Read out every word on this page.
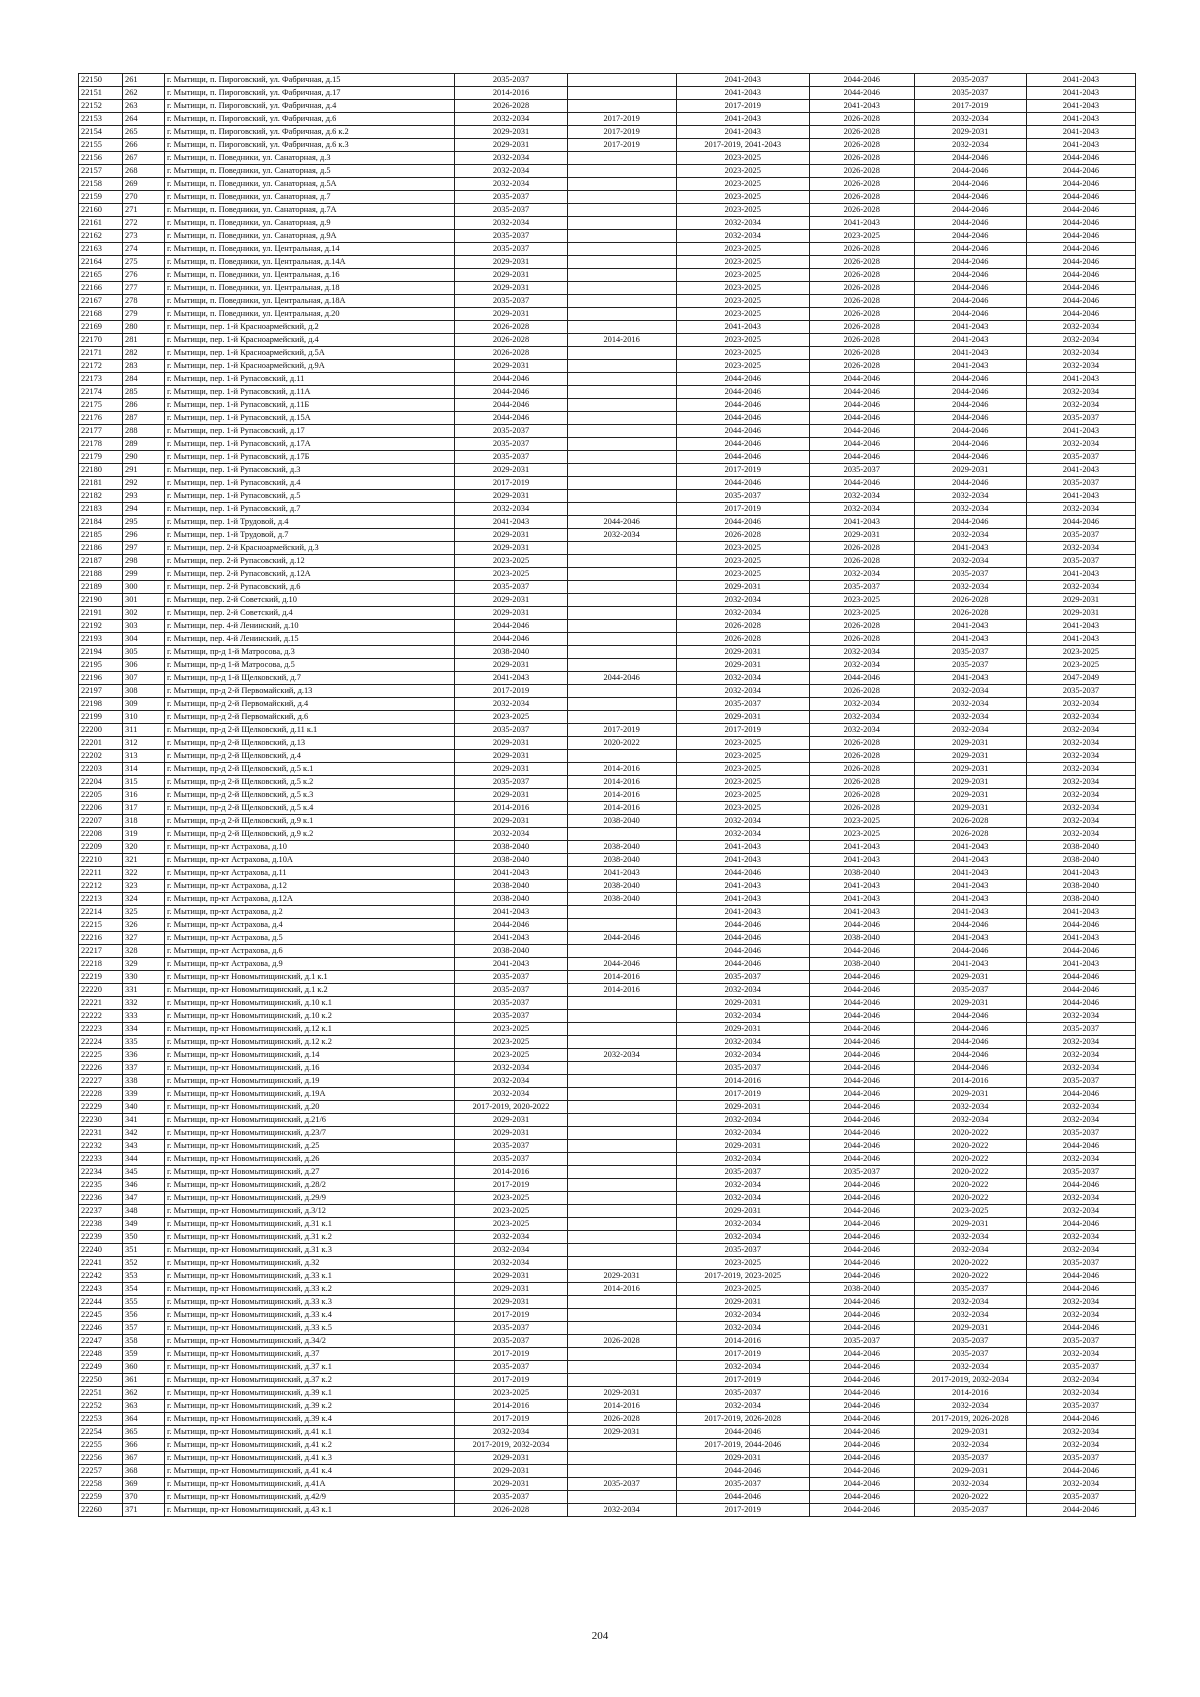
22150	261	г. Мытищи, п. Пироговский, ул. Фабричная, д.15	2035-2037		2041-2043	2044-2046	2035-2037	2041-2043
22151	262	г. Мытищи, п. Пироговский, ул. Фабричная, д.17	2014-2016		2041-2043	2044-2046	2035-2037	2041-2043
22152	263	г. Мытищи, п. Пироговский, ул. Фабричная, д.4	2026-2028		2017-2019	2041-2043	2017-2019	2041-2043
22153	264	г. Мытищи, п. Пироговский, ул. Фабричная, д.6	2032-2034	2017-2019	2041-2043	2026-2028	2032-2034	2041-2043
22154	265	г. Мытищи, п. Пироговский, ул. Фабричная, д.6 к.2	2029-2031	2017-2019	2041-2043	2026-2028	2029-2031	2041-2043
22155	266	г. Мытищи, п. Пироговский, ул. Фабричная, д.6 к.3	2029-2031	2017-2019	2017-2019, 2041-2043	2026-2028	2032-2034	2041-2043
22156	267	г. Мытищи, п. Поведники, ул. Санаторная, д.3	2032-2034		2023-2025	2026-2028	2044-2046	2044-2046
22157	268	г. Мытищи, п. Поведники, ул. Санаторная, д.5	2032-2034		2023-2025	2026-2028	2044-2046	2044-2046
22158	269	г. Мытищи, п. Поведники, ул. Санаторная, д.5А	2032-2034		2023-2025	2026-2028	2044-2046	2044-2046
22159	270	г. Мытищи, п. Поведники, ул. Санаторная, д.7	2035-2037		2023-2025	2026-2028	2044-2046	2044-2046
22160	271	г. Мытищи, п. Поведники, ул. Санаторная, д.7А	2035-2037		2023-2025	2026-2028	2044-2046	2044-2046
22161	272	г. Мытищи, п. Поведники, ул. Санаторная, д.9	2032-2034		2032-2034	2041-2043	2044-2046	2044-2046
22162	273	г. Мытищи, п. Поведники, ул. Санаторная, д.9А	2035-2037		2032-2034	2023-2025	2044-2046	2044-2046
22163	274	г. Мытищи, п. Поведники, ул. Центральная, д.14	2035-2037		2023-2025	2026-2028	2044-2046	2044-2046
22164	275	г. Мытищи, п. Поведники, ул. Центральная, д.14А	2029-2031		2023-2025	2026-2028	2044-2046	2044-2046
22165	276	г. Мытищи, п. Поведники, ул. Центральная, д.16	2029-2031		2023-2025	2026-2028	2044-2046	2044-2046
22166	277	г. Мытищи, п. Поведники, ул. Центральная, д.18	2029-2031		2023-2025	2026-2028	2044-2046	2044-2046
22167	278	г. Мытищи, п. Поведники, ул. Центральная, д.18А	2035-2037		2023-2025	2026-2028	2044-2046	2044-2046
22168	279	г. Мытищи, п. Поведники, ул. Центральная, д.20	2029-2031		2023-2025	2026-2028	2044-2046	2044-2046
22169	280	г. Мытищи, пер. 1-й Красноармейский, д.2	2026-2028		2041-2043	2026-2028	2041-2043	2032-2034
22170	281	г. Мытищи, пер. 1-й Красноармейский, д.4	2026-2028	2014-2016	2023-2025	2026-2028	2041-2043	2032-2034
22171	282	г. Мытищи, пер. 1-й Красноармейский, д.5А	2026-2028		2023-2025	2026-2028	2041-2043	2032-2034
22172	283	г. Мытищи, пер. 1-й Красноармейский, д.9А	2029-2031		2023-2025	2026-2028	2041-2043	2032-2034
22173	284	г. Мытищи, пер. 1-й Рупасовский, д.11	2044-2046		2044-2046	2044-2046	2044-2046	2041-2043
22174	285	г. Мытищи, пер. 1-й Рупасовский, д.11А	2044-2046		2044-2046	2044-2046	2044-2046	2032-2034
22175	286	г. Мытищи, пер. 1-й Рупасовский, д.11Б	2044-2046		2044-2046	2044-2046	2044-2046	2032-2034
22176	287	г. Мытищи, пер. 1-й Рупасовский, д.15А	2044-2046		2044-2046	2044-2046	2044-2046	2035-2037
22177	288	г. Мытищи, пер. 1-й Рупасовский, д.17	2035-2037		2044-2046	2044-2046	2044-2046	2041-2043
22178	289	г. Мытищи, пер. 1-й Рупасовский, д.17А	2035-2037		2044-2046	2044-2046	2044-2046	2032-2034
22179	290	г. Мытищи, пер. 1-й Рупасовский, д.17Б	2035-2037		2044-2046	2044-2046	2044-2046	2035-2037
22180	291	г. Мытищи, пер. 1-й Рупасовский, д.3	2029-2031		2017-2019	2035-2037	2029-2031	2041-2043
22181	292	г. Мытищи, пер. 1-й Рупасовский, д.4	2017-2019		2044-2046	2044-2046	2044-2046	2035-2037
22182	293	г. Мытищи, пер. 1-й Рупасовский, д.5	2029-2031		2035-2037	2032-2034	2032-2034	2041-2043
22183	294	г. Мытищи, пер. 1-й Рупасовский, д.7	2032-2034		2017-2019	2032-2034	2032-2034	2032-2034
22184	295	г. Мытищи, пер. 1-й Трудовой, д.4	2041-2043	2044-2046	2044-2046	2041-2043	2044-2046	2044-2046
22185	296	г. Мытищи, пер. 1-й Трудовой, д.7	2029-2031	2032-2034	2026-2028	2029-2031	2032-2034	2035-2037
22186	297	г. Мытищи, пер. 2-й Красноармейский, д.3	2029-2031		2023-2025	2026-2028	2041-2043	2032-2034
22187	298	г. Мытищи, пер. 2-й Рупасовский, д.12	2023-2025		2023-2025	2026-2028	2032-2034	2035-2037
22188	299	г. Мытищи, пер. 2-й Рупасовский, д.12А	2023-2025		2023-2025	2032-2034	2035-2037	2041-2043
22189	300	г. Мытищи, пер. 2-й Рупасовский, д.6	2035-2037		2029-2031	2035-2037	2032-2034	2032-2034
22190	301	г. Мытищи, пер. 2-й Советский, д.10	2029-2031		2032-2034	2023-2025	2026-2028	2029-2031
22191	302	г. Мытищи, пер. 2-й Советский, д.4	2029-2031		2032-2034	2023-2025	2026-2028	2029-2031
22192	303	г. Мытищи, пер. 4-й Ленинский, д.10	2044-2046		2026-2028	2026-2028	2041-2043	2041-2043
22193	304	г. Мытищи, пер. 4-й Ленинский, д.15	2044-2046		2026-2028	2026-2028	2041-2043	2041-2043
22194	305	г. Мытищи, пр-д 1-й Матросова, д.3	2038-2040		2029-2031	2032-2034	2035-2037	2023-2025
22195	306	г. Мытищи, пр-д 1-й Матросова, д.5	2029-2031		2029-2031	2032-2034	2035-2037	2023-2025
22196	307	г. Мытищи, пр-д 1-й Щелковский, д.7	2041-2043	2044-2046	2032-2034	2044-2046	2041-2043	2047-2049
22197	308	г. Мытищи, пр-д 2-й Первомайский, д.13	2017-2019		2032-2034	2026-2028	2032-2034	2035-2037
22198	309	г. Мытищи, пр-д 2-й Первомайский, д.4	2032-2034		2035-2037	2032-2034	2032-2034	2032-2034
22199	310	г. Мытищи, пр-д 2-й Первомайский, д.6	2023-2025		2029-2031	2032-2034	2032-2034	2032-2034
22200	311	г. Мытищи, пр-д 2-й Щелковский, д.11 к.1	2035-2037	2017-2019	2017-2019	2032-2034	2032-2034	2032-2034
22201	312	г. Мытищи, пр-д 2-й Щелковский, д.13	2029-2031	2020-2022	2023-2025	2026-2028	2029-2031	2032-2034
22202	313	г. Мытищи, пр-д 2-й Щелковский, д.4	2029-2031		2023-2025	2026-2028	2029-2031	2032-2034
22203	314	г. Мытищи, пр-д 2-й Щелковский, д.5 к.1	2029-2031	2014-2016	2023-2025	2026-2028	2029-2031	2032-2034
22204	315	г. Мытищи, пр-д 2-й Щелковский, д.5 к.2	2035-2037	2014-2016	2023-2025	2026-2028	2029-2031	2032-2034
22205	316	г. Мытищи, пр-д 2-й Щелковский, д.5 к.3	2029-2031	2014-2016	2023-2025	2026-2028	2029-2031	2032-2034
22206	317	г. Мытищи, пр-д 2-й Щелковский, д.5 к.4	2014-2016	2014-2016	2023-2025	2026-2028	2029-2031	2032-2034
22207	318	г. Мытищи, пр-д 2-й Щелковский, д.9 к.1	2029-2031	2038-2040	2032-2034	2023-2025	2026-2028	2032-2034
22208	319	г. Мытищи, пр-д 2-й Щелковский, д.9 к.2	2032-2034		2032-2034	2023-2025	2026-2028	2032-2034
22209	320	г. Мытищи, пр-кт Астрахова, д.10	2038-2040	2038-2040	2041-2043	2041-2043	2041-2043	2038-2040
22210	321	г. Мытищи, пр-кт Астрахова, д.10А	2038-2040	2038-2040	2041-2043	2041-2043	2041-2043	2038-2040
22211	322	г. Мытищи, пр-кт Астрахова, д.11	2041-2043	2041-2043	2044-2046	2038-2040	2041-2043	2041-2043
22212	323	г. Мытищи, пр-кт Астрахова, д.12	2038-2040	2038-2040	2041-2043	2041-2043	2041-2043	2038-2040
22213	324	г. Мытищи, пр-кт Астрахова, д.12А	2038-2040	2038-2040	2041-2043	2041-2043	2041-2043	2038-2040
22214	325	г. Мытищи, пр-кт Астрахова, д.2	2041-2043		2041-2043	2041-2043	2041-2043	2041-2043
22215	326	г. Мытищи, пр-кт Астрахова, д.4	2044-2046		2044-2046	2044-2046	2044-2046	2044-2046
22216	327	г. Мытищи, пр-кт Астрахова, д.5	2041-2043	2044-2046	2044-2046	2038-2040	2041-2043	2041-2043
22217	328	г. Мытищи, пр-кт Астрахова, д.6	2038-2040		2044-2046	2044-2046	2044-2046	2044-2046
22218	329	г. Мытищи, пр-кт Астрахова, д.9	2041-2043	2044-2046	2044-2046	2038-2040	2041-2043	2041-2043
22219	330	г. Мытищи, пр-кт Новомытищинский, д.1 к.1	2035-2037	2014-2016	2035-2037	2044-2046	2029-2031	2044-2046
22220	331	г. Мытищи, пр-кт Новомытищинский, д.1 к.2	2035-2037	2014-2016	2032-2034	2044-2046	2035-2037	2044-2046
22221	332	г. Мытищи, пр-кт Новомытищинский, д.10 к.1	2035-2037		2029-2031	2044-2046	2029-2031	2044-2046
22222	333	г. Мытищи, пр-кт Новомытищинский, д.10 к.2	2035-2037		2032-2034	2044-2046	2044-2046	2032-2034
22223	334	г. Мытищи, пр-кт Новомытищинский, д.12 к.1	2023-2025		2029-2031	2044-2046	2044-2046	2035-2037
22224	335	г. Мытищи, пр-кт Новомытищинский, д.12 к.2	2023-2025		2032-2034	2044-2046	2044-2046	2032-2034
22225	336	г. Мытищи, пр-кт Новомытищинский, д.14	2023-2025	2032-2034	2032-2034	2044-2046	2044-2046	2032-2034
22226	337	г. Мытищи, пр-кт Новомытищинский, д.16	2032-2034		2035-2037	2044-2046	2044-2046	2032-2034
22227	338	г. Мытищи, пр-кт Новомытищинский, д.19	2032-2034		2014-2016	2044-2046	2014-2016	2035-2037
22228	339	г. Мытищи, пр-кт Новомытищинский, д.19А	2032-2034		2017-2019	2044-2046	2029-2031	2044-2046
22229	340	г. Мытищи, пр-кт Новомытищинский, д.20	2017-2019, 2020-2022		2029-2031	2044-2046	2032-2034	2032-2034
22230	341	г. Мытищи, пр-кт Новомытищинский, д.21/6	2029-2031		2032-2034	2044-2046	2032-2034	2032-2034
22231	342	г. Мытищи, пр-кт Новомытищинский, д.23/7	2029-2031		2032-2034	2044-2046	2020-2022	2035-2037
22232	343	г. Мытищи, пр-кт Новомытищинский, д.25	2035-2037		2029-2031	2044-2046	2020-2022	2044-2046
22233	344	г. Мытищи, пр-кт Новомытищинский, д.26	2035-2037		2032-2034	2044-2046	2020-2022	2032-2034
22234	345	г. Мытищи, пр-кт Новомытищинский, д.27	2014-2016		2035-2037	2035-2037	2020-2022	2035-2037
22235	346	г. Мытищи, пр-кт Новомытищинский, д.28/2	2017-2019		2032-2034	2044-2046	2020-2022	2044-2046
22236	347	г. Мытищи, пр-кт Новомытищинский, д.29/9	2023-2025		2032-2034	2044-2046	2020-2022	2032-2034
22237	348	г. Мытищи, пр-кт Новомытищинский, д.3/12	2023-2025		2029-2031	2044-2046	2023-2025	2032-2034
22238	349	г. Мытищи, пр-кт Новомытищинский, д.31 к.1	2023-2025		2032-2034	2044-2046	2029-2031	2044-2046
22239	350	г. Мытищи, пр-кт Новомытищинский, д.31 к.2	2032-2034		2032-2034	2044-2046	2032-2034	2032-2034
22240	351	г. Мытищи, пр-кт Новомытищинский, д.31 к.3	2032-2034		2035-2037	2044-2046	2032-2034	2032-2034
22241	352	г. Мытищи, пр-кт Новомытищинский, д.32	2032-2034		2023-2025	2044-2046	2020-2022	2035-2037
22242	353	г. Мытищи, пр-кт Новомытищинский, д.33 к.1	2029-2031	2029-2031	2017-2019, 2023-2025	2044-2046	2020-2022	2044-2046
22243	354	г. Мытищи, пр-кт Новомытищинский, д.33 к.2	2029-2031	2014-2016	2023-2025	2038-2040	2035-2037	2044-2046
22244	355	г. Мытищи, пр-кт Новомытищинский, д.33 к.3	2029-2031		2029-2031	2044-2046	2032-2034	2032-2034
22245	356	г. Мытищи, пр-кт Новомытищинский, д.33 к.4	2017-2019		2032-2034	2044-2046	2032-2034	2032-2034
22246	357	г. Мытищи, пр-кт Новомытищинский, д.33 к.5	2035-2037		2032-2034	2044-2046	2029-2031	2044-2046
22247	358	г. Мытищи, пр-кт Новомытищинский, д.34/2	2035-2037	2026-2028	2014-2016	2035-2037	2035-2037	2035-2037
22248	359	г. Мытищи, пр-кт Новомытищинский, д.37	2017-2019		2017-2019	2044-2046	2035-2037	2032-2034
22249	360	г. Мытищи, пр-кт Новомытищинский, д.37 к.1	2035-2037		2032-2034	2044-2046	2032-2034	2035-2037
22250	361	г. Мытищи, пр-кт Новомытищинский, д.37 к.2	2017-2019		2017-2019	2044-2046	2017-2019, 2032-2034	2032-2034
22251	362	г. Мытищи, пр-кт Новомытищинский, д.39 к.1	2023-2025	2029-2031	2035-2037	2044-2046	2014-2016	2032-2034
22252	363	г. Мытищи, пр-кт Новомытищинский, д.39 к.2	2014-2016	2014-2016	2032-2034	2044-2046	2032-2034	2035-2037
22253	364	г. Мытищи, пр-кт Новомытищинский, д.39 к.4	2017-2019	2026-2028	2017-2019, 2026-2028	2044-2046	2017-2019, 2026-2028	2044-2046
22254	365	г. Мытищи, пр-кт Новомытищинский, д.41 к.1	2032-2034	2029-2031	2044-2046	2044-2046	2029-2031	2032-2034
22255	366	г. Мытищи, пр-кт Новомытищинский, д.41 к.2	2017-2019, 2032-2034		2017-2019, 2044-2046	2044-2046	2032-2034	2032-2034
22256	367	г. Мытищи, пр-кт Новомытищинский, д.41 к.3	2029-2031		2029-2031	2044-2046	2035-2037	2035-2037
22257	368	г. Мытищи, пр-кт Новомытищинский, д.41 к.4	2029-2031		2044-2046	2044-2046	2029-2031	2044-2046
22258	369	г. Мытищи, пр-кт Новомытищинский, д.41А	2029-2031	2035-2037	2035-2037	2044-2046	2032-2034	2032-2034
22259	370	г. Мытищи, пр-кт Новомытищинский, д.42/9	2035-2037		2044-2046	2044-2046	2020-2022	2035-2037
22260	371	г. Мытищи, пр-кт Новомытищинский, д.43 к.1	2026-2028	2032-2034	2017-2019	2044-2046	2035-2037	2044-2046
204
